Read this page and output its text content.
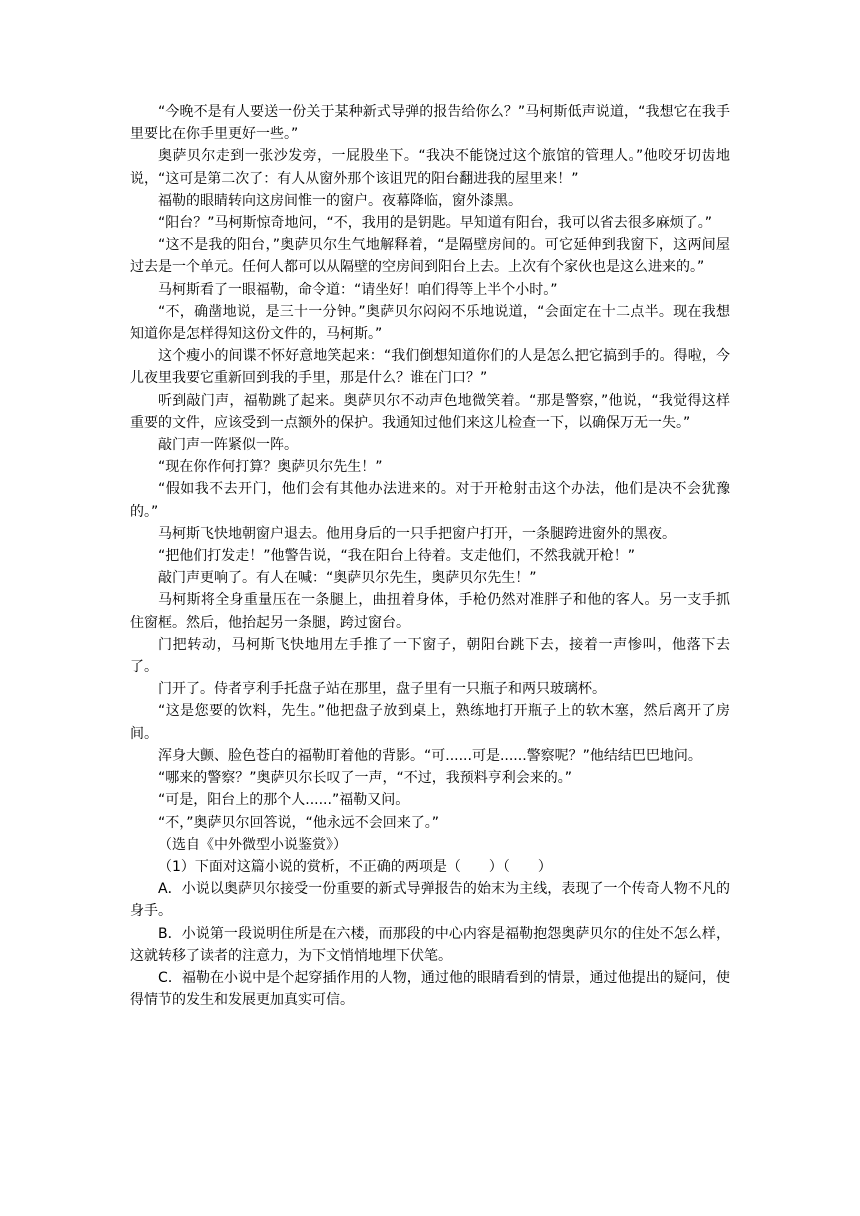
“今晚不是有人要送一份关于某种新式导弹的报告给你么？”马柯斯低声说道，“我想它在我手里要比在你手里更好一些。”

奥萨贝尔走到一张沙发旁，一屁股坐下。“我决不能饶过这个旅馆的管理人。”他咬牙切齿地说，“这可是第二次了：有人从窗外那个该诅咒的阳台翻进我的屋里来！”

福勒的眼睛转向这房间惟一的窗户。夜幕降临，窗外漆黑。

“阳台？”马柯斯惊奇地问，“不，我用的是钥匙。早知道有阳台，我可以省去很多麻烦了。”

“这不是我的阳台，”奥萨贝尔生气地解释着，“是隔壁房间的。可它延伸到我窗下，这两间屋过去是一个单元。任何人都可以从隔壁的空房间到阳台上去。上次有个家伙也是这么进来的。”

马柯斯看了一眼福勒，命令道：“请坐好！咱们得等上半个小时。”

“不，确凿地说，是三十一分钟。”奥萨贝尔闷闷不乐地说道，“会面定在十二点半。现在我想知道你是怎样得知这份文件的，马柯斯。”

这个瘦小的间谍不怀好意地笑起来：“我们倒想知道你们的人是怎么把它搞到手的。得啦，今儿夜里我要它重新回到我的手里，那是什么？谁在门口？”

听到敲门声，福勒跳了起来。奥萨贝尔不动声色地微笑着。“那是警察，”他说，“我觉得这样重要的文件，应该受到一点额外的保护。我通知过他们来这儿检查一下，以确保万无一失。”

敲门声一阵紧似一阵。

“现在你作何打算？奥萨贝尔先生！”

“假如我不去开门，他们会有其他办法进来的。对于开枪射击这个办法，他们是决不会犹豫的。”

马柯斯飞快地朝窗户退去。他用身后的一只手把窗户打开，一条腿跨进窗外的黑夜。

“把他们打发走！”他警告说，“我在阳台上待着。支走他们，不然我就开枪！”

敲门声更响了。有人在喊：“奥萨贝尔先生，奥萨贝尔先生！”

马柯斯将全身重量压在一条腿上，曲扭着身体，手枪仍然对准胖子和他的客人。另一支手抓住窗框。然后，他抬起另一条腿，跨过窗台。

门把转动，马柯斯飞快地用左手推了一下窗子，朝阳台跳下去，接着一声惨叫，他落下去了。

门开了。侍者亨利手托盘子站在那里，盘子里有一只瓶子和两只玻璃杯。

“这是您要的饮料，先生。”他把盘子放到桌上，熟练地打开瓶子上的软木塞，然后离开了房间。

浑身大颤、脸色苍白的福勒盯着他的背影。“可......可是......警察呢？”他结结巴巴地问。

“哪来的警察？”奥萨贝尔长叹了一声，“不过，我预料亨利会来的。”

“可是，阳台上的那个人......”福勒又问。

“不，”奥萨贝尔回答说，“他永远不会回来了。”

（选自《中外微型小说鉴赏》）

（1）下面对这篇小说的赏析，不正确的两项是（　　）（　　）

A．小说以奥萨贝尔接受一份重要的新式导弹报告的始末为主线，表现了一个传奇人物不凡的身手。

B．小说第一段说明住所是在六楼，而那段的中心内容是福勒抱怨奥萨贝尔的住处不怎么样，这就转移了读者的注意力，为下文悄悄地埋下伏笔。

C．福勒在小说中是个起穿插作用的人物，通过他的眼睛看到的情景，通过他提出的疑问，使得情节的发生和发展更加真实可信。
